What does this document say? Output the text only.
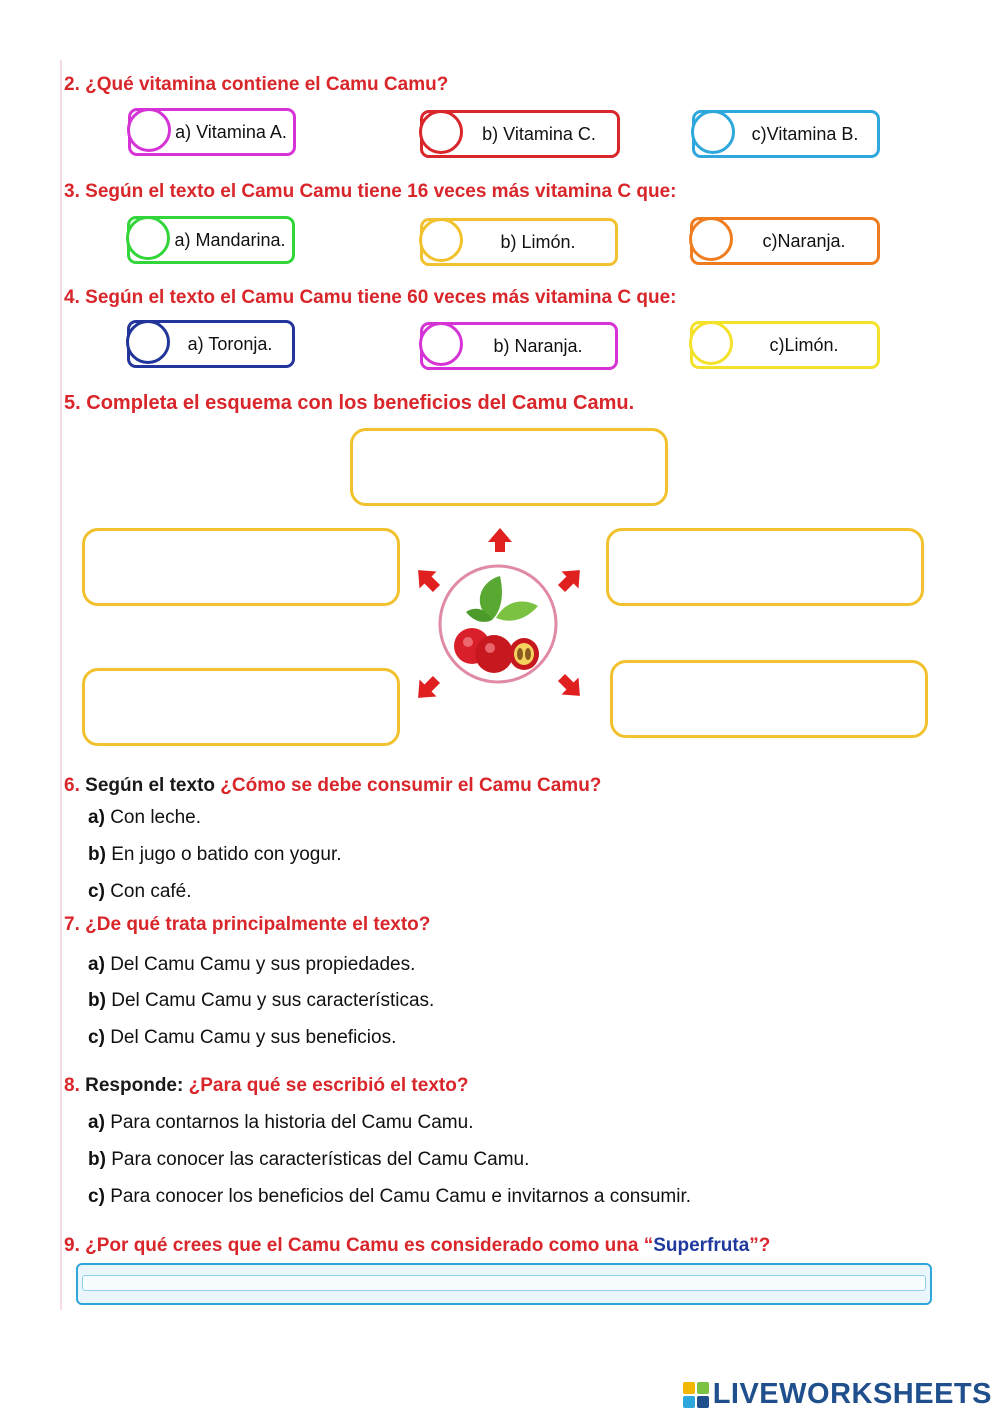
2. ¿Qué vitamina contiene el Camu Camu?
a) Vitamina A.	b) Vitamina C.	c)Vitamina B.
3. Según el texto el Camu Camu tiene 16 veces más vitamina C que:
a) Mandarina.	b) Limón.	c)Naranja.
4. Según el texto el Camu Camu tiene 60 veces más vitamina C que:
a) Toronja.	b) Naranja.	c)Limón.
5. Completa el esquema con los beneficios del Camu Camu.
6. Según el texto ¿Cómo se debe consumir el Camu Camu?
a) Con leche.
b) En jugo o batido con yogur.
c) Con café.
7. ¿De qué trata principalmente el texto?
a) Del Camu Camu y sus propiedades.
b) Del Camu Camu y sus características.
c) Del Camu Camu y sus beneficios.
8. Responde: ¿Para qué se escribió el texto?
a) Para contarnos la historia del Camu Camu.
b) Para conocer las características del Camu Camu.
c) Para conocer los beneficios del Camu Camu e invitarnos a consumir.
9. ¿Por qué crees que el Camu Camu es considerado como una “Superfruta”?
LIVEWORKSHEETS
